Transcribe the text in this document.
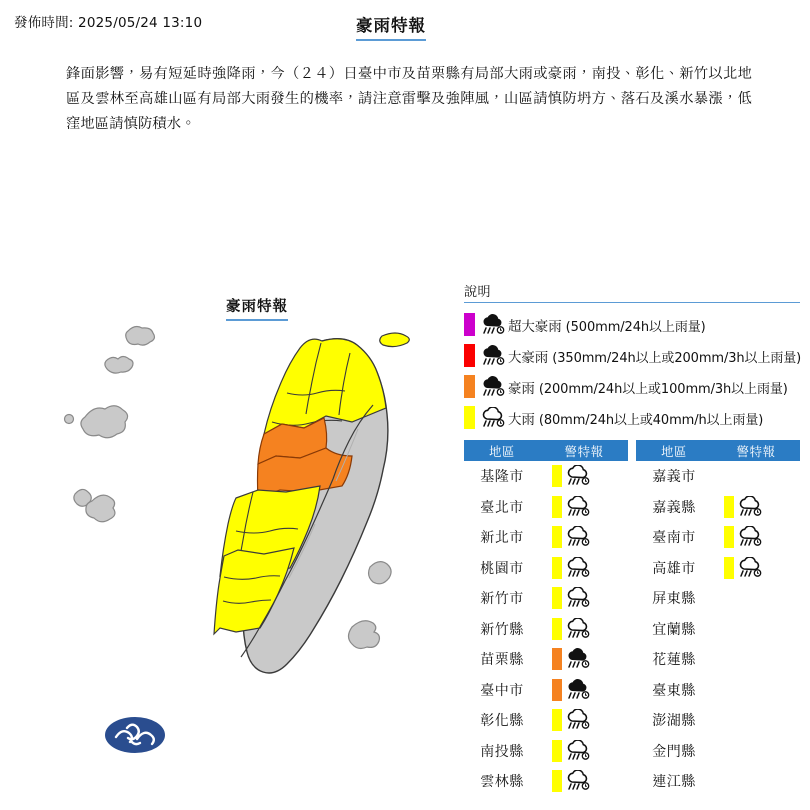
發佈時間: 2025/05/24 13:10	豪雨特報
鋒面影響，易有短延時強降雨，今（２４）日臺中市及苗栗縣有局部大雨或豪雨，南投、彰化、新竹以北地區及雲林至高雄山區有局部大雨發生的機率，請注意雷擊及強陣風，山區請慎防坍方、落石及溪水暴漲，低窪地區請慎防積水。
豪雨特報
說明
超大豪雨 (500mm/24h以上雨量)
大豪雨 (350mm/24h以上或200mm/3h以上雨量)
豪雨 (200mm/24h以上或100mm/3h以上雨量)
大雨 (80mm/24h以上或40mm/h以上雨量)
地區	警特報
基隆市
臺北市
新北市
桃園市
新竹市
新竹縣
苗栗縣
臺中市
彰化縣
南投縣
雲林縣
地區	警特報
嘉義市
嘉義縣
臺南市
高雄市
屏東縣
宜蘭縣
花蓮縣
臺東縣
澎湖縣
金門縣
連江縣
